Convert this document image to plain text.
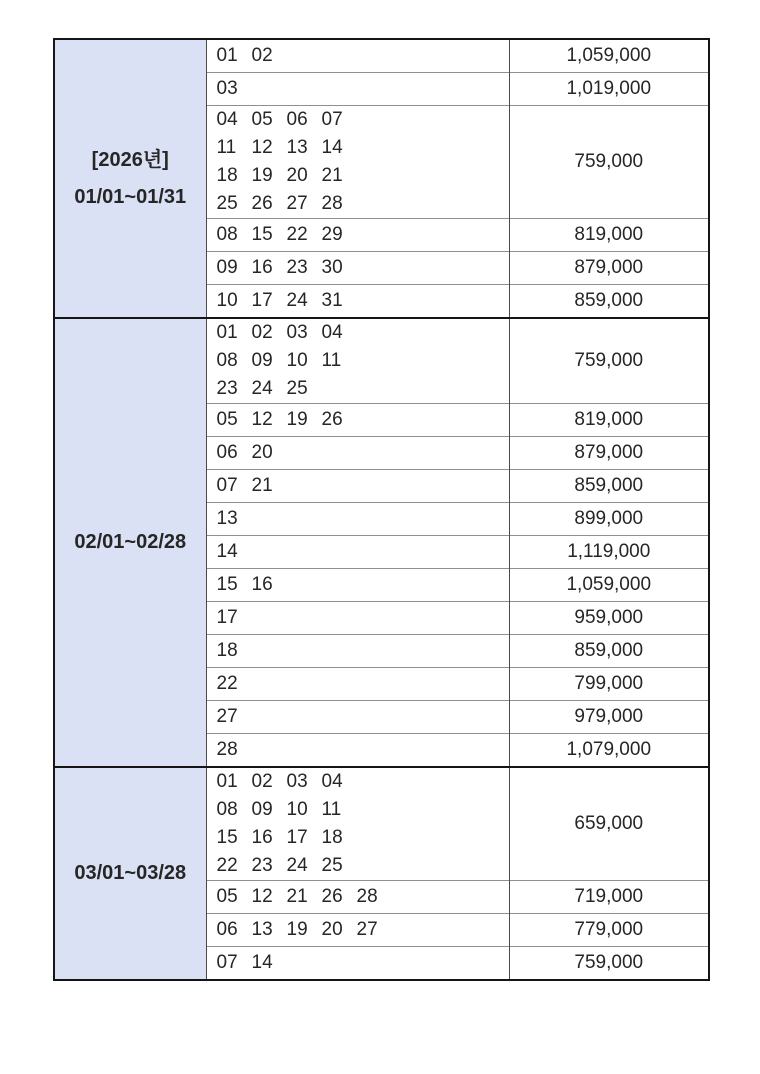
[2026년]
01/01~01/31	01 02	1,059,000

	03	1,019,000

	04 05 06 07
11 12 13 14
18 19 20 21
25 26 27 28	759,000

	08 15 22 29	819,000

	09 16 23 30	879,000

	10 17 24 31	859,000

02/01~02/28	01 02 03 04
08 09 10 11
23 24 25	759,000

	05 12 19 26	819,000

	06 20	879,000

	07 21	859,000

	13	899,000

	14	1,119,000

	15 16	1,059,000

	17	959,000

	18	859,000

	22	799,000

	27	979,000

	28	1,079,000

03/01~03/28	01 02 03 04
08 09 10 11
15 16 17 18
22 23 24 25	659,000

	05 12 21 26 28	719,000

	06 13 19 20 27	779,000

	07 14	759,000
